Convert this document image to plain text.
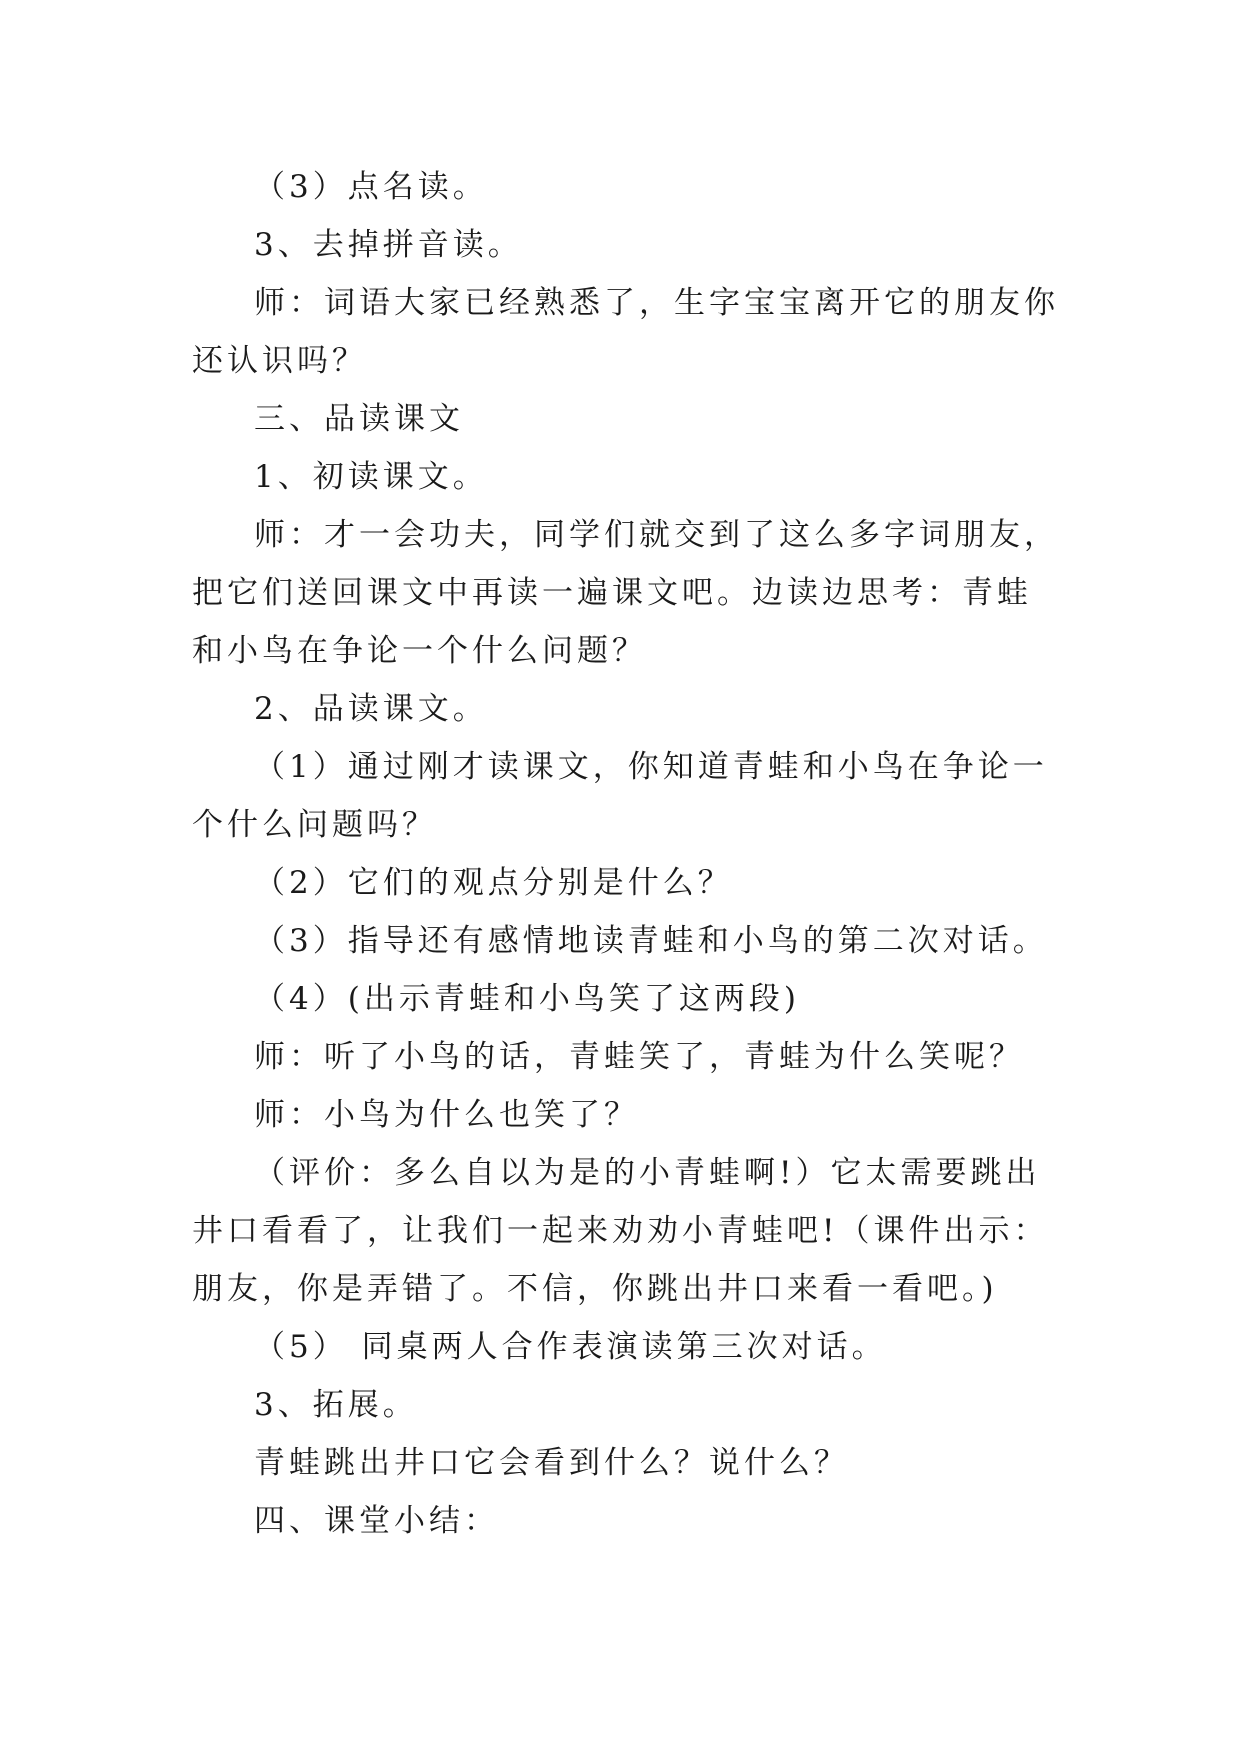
（3）点名读。

3、去掉拼音读。

师：词语大家已经熟悉了，生字宝宝离开它的朋友你还认识吗？

三、品读课文

1、初读课文。

师：才一会功夫，同学们就交到了这么多字词朋友，把它们送回课文中再读一遍课文吧。边读边思考：青蛙和小鸟在争论一个什么问题？

2、品读课文。

（1）通过刚才读课文，你知道青蛙和小鸟在争论一个什么问题吗？

（2）它们的观点分别是什么？

（3）指导还有感情地读青蛙和小鸟的第二次对话。

（4）(出示青蛙和小鸟笑了这两段)

师：听了小鸟的话，青蛙笑了，青蛙为什么笑呢？

师：小鸟为什么也笑了？

（评价：多么自以为是的小青蛙啊!）它太需要跳出井口看看了，让我们一起来劝劝小青蛙吧!（课件出示：朋友，你是弄错了。不信，你跳出井口来看一看吧。)

（5） 同桌两人合作表演读第三次对话。

3、拓展。

青蛙跳出井口它会看到什么？说什么？

四、课堂小结：
